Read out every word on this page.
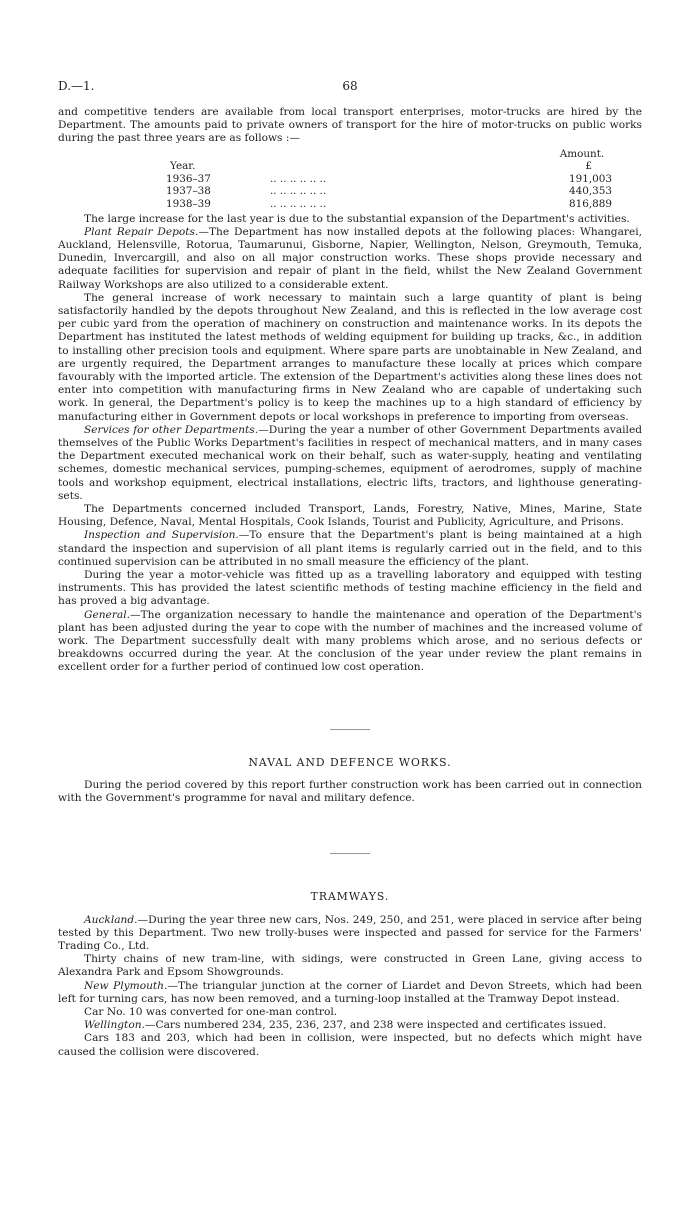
D.—1.	68

and competitive tenders are available from local transport enterprises, motor-trucks are hired by the Department. The amounts paid to private owners of transport for the hire of motor-trucks on public works during the past three years are as follows :—

Amount.
Year.	£
1936–37	.. .. .. .. .. ..	191,003
1937–38	.. .. .. .. .. ..	440,353
1938–39	.. .. .. .. .. ..	816,889

The large increase for the last year is due to the substantial expansion of the Department's activities.

Plant Repair Depots.—The Department has now installed depots at the following places: Whangarei, Auckland, Helensville, Rotorua, Taumarunui, Gisborne, Napier, Wellington, Nelson, Greymouth, Temuka, Dunedin, Invercargill, and also on all major construction works. These shops provide necessary and adequate facilities for supervision and repair of plant in the field, whilst the New Zealand Government Railway Workshops are also utilized to a considerable extent.

The general increase of work necessary to maintain such a large quantity of plant is being satisfactorily handled by the depots throughout New Zealand, and this is reflected in the low average cost per cubic yard from the operation of machinery on construction and maintenance works. In its depots the Department has instituted the latest methods of welding equipment for building up tracks, &c., in addition to installing other precision tools and equipment. Where spare parts are unobtainable in New Zealand, and are urgently required, the Department arranges to manufacture these locally at prices which compare favourably with the imported article. The extension of the Department's activities along these lines does not enter into competition with manufacturing firms in New Zealand who are capable of undertaking such work. In general, the Department's policy is to keep the machines up to a high standard of efficiency by manufacturing either in Government depots or local workshops in preference to importing from overseas.

Services for other Departments.—During the year a number of other Government Departments availed themselves of the Public Works Department's facilities in respect of mechanical matters, and in many cases the Department executed mechanical work on their behalf, such as water-supply, heating and ventilating schemes, domestic mechanical services, pumping-schemes, equipment of aerodromes, supply of machine tools and workshop equipment, electrical installations, electric lifts, tractors, and lighthouse generating-sets.

The Departments concerned included Transport, Lands, Forestry, Native, Mines, Marine, State Housing, Defence, Naval, Mental Hospitals, Cook Islands, Tourist and Publicity, Agriculture, and Prisons.

Inspection and Supervision.—To ensure that the Department's plant is being maintained at a high standard the inspection and supervision of all plant items is regularly carried out in the field, and to this continued supervision can be attributed in no small measure the efficiency of the plant.

During the year a motor-vehicle was fitted up as a travelling laboratory and equipped with testing instruments. This has provided the latest scientific methods of testing machine efficiency in the field and has proved a big advantage.

General.—The organization necessary to handle the maintenance and operation of the Department's plant has been adjusted during the year to cope with the number of machines and the increased volume of work. The Department successfully dealt with many problems which arose, and no serious defects or breakdowns occurred during the year. At the conclusion of the year under review the plant remains in excellent order for a further period of continued low cost operation.

NAVAL AND DEFENCE WORKS.

During the period covered by this report further construction work has been carried out in connection with the Government's programme for naval and military defence.

TRAMWAYS.

Auckland.—During the year three new cars, Nos. 249, 250, and 251, were placed in service after being tested by this Department. Two new trolly-buses were inspected and passed for service for the Farmers' Trading Co., Ltd.

Thirty chains of new tram-line, with sidings, were constructed in Green Lane, giving access to Alexandra Park and Epsom Showgrounds.

New Plymouth.—The triangular junction at the corner of Liardet and Devon Streets, which had been left for turning cars, has now been removed, and a turning-loop installed at the Tramway Depot instead.

Car No. 10 was converted for one-man control.

Wellington.—Cars numbered 234, 235, 236, 237, and 238 were inspected and certificates issued.

Cars 183 and 203, which had been in collision, were inspected, but no defects which might have caused the collision were discovered.
